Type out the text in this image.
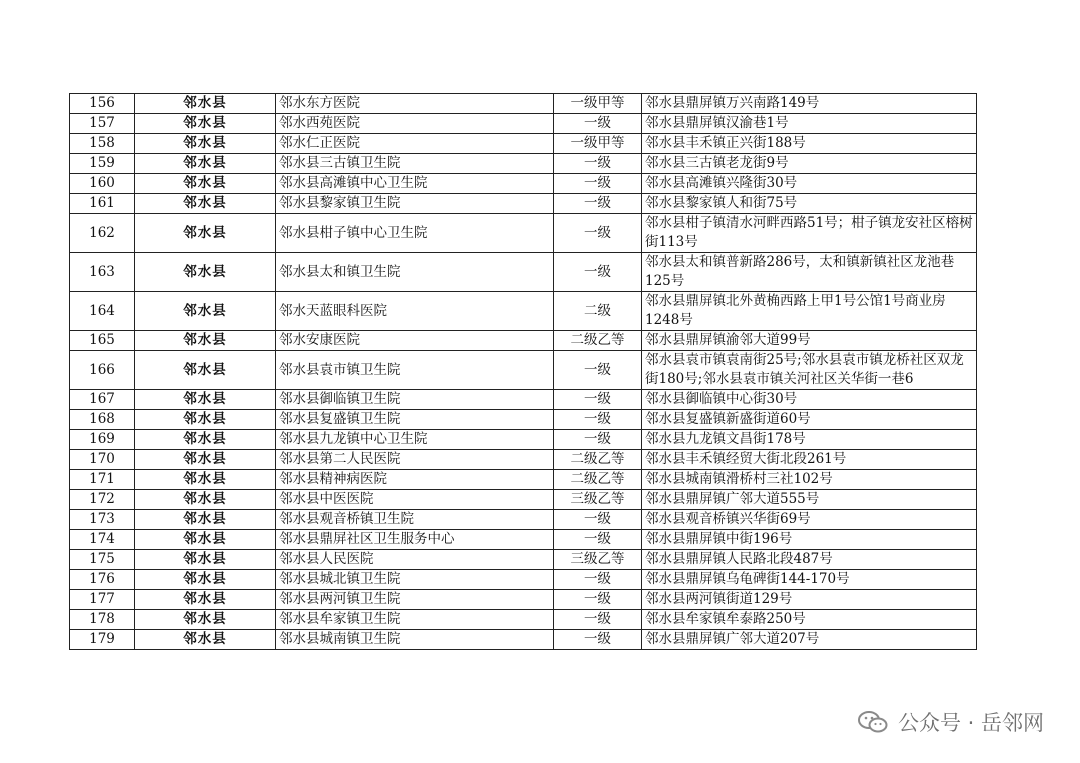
156	邻水县	邻水东方医院	一级甲等	邻水县鼎屏镇万兴南路149号
157	邻水县	邻水西苑医院	一级	邻水县鼎屏镇汉渝巷1号
158	邻水县	邻水仁正医院	一级甲等	邻水县丰禾镇正兴街188号
159	邻水县	邻水县三古镇卫生院	一级	邻水县三古镇老龙街9号
160	邻水县	邻水县高滩镇中心卫生院	一级	邻水县高滩镇兴隆街30号
161	邻水县	邻水县黎家镇卫生院	一级	邻水县黎家镇人和街75号
162	邻水县	邻水县柑子镇中心卫生院	一级	邻水县柑子镇清水河畔西路51号；柑子镇龙安社区榕树街113号
163	邻水县	邻水县太和镇卫生院	一级	邻水县太和镇普新路286号，太和镇新镇社区龙池巷125号
164	邻水县	邻水天蓝眼科医院	二级	邻水县鼎屏镇北外黄桷西路上甲1号公馆1号商业房1248号
165	邻水县	邻水安康医院	二级乙等	邻水县鼎屏镇渝邻大道99号
166	邻水县	邻水县袁市镇卫生院	一级	邻水县袁市镇袁南街25号;邻水县袁市镇龙桥社区双龙街180号;邻水县袁市镇关河社区关华街一巷6
167	邻水县	邻水县御临镇卫生院	一级	邻水县御临镇中心街30号
168	邻水县	邻水县复盛镇卫生院	一级	邻水县复盛镇新盛街道60号
169	邻水县	邻水县九龙镇中心卫生院	一级	邻水县九龙镇文昌街178号
170	邻水县	邻水县第二人民医院	二级乙等	邻水县丰禾镇经贸大街北段261号
171	邻水县	邻水县精神病医院	二级乙等	邻水县城南镇滑桥村三社102号
172	邻水县	邻水县中医医院	三级乙等	邻水县鼎屏镇广邻大道555号
173	邻水县	邻水县观音桥镇卫生院	一级	邻水县观音桥镇兴华街69号
174	邻水县	邻水县鼎屏社区卫生服务中心	一级	邻水县鼎屏镇中街196号
175	邻水县	邻水县人民医院	三级乙等	邻水县鼎屏镇人民路北段487号
176	邻水县	邻水县城北镇卫生院	一级	邻水县鼎屏镇乌龟碑街144-170号
177	邻水县	邻水县两河镇卫生院	一级	邻水县两河镇街道129号
178	邻水县	邻水县牟家镇卫生院	一级	邻水县牟家镇牟泰路250号
179	邻水县	邻水县城南镇卫生院	一级	邻水县鼎屏镇广邻大道207号
公众号 · 岳邻网
